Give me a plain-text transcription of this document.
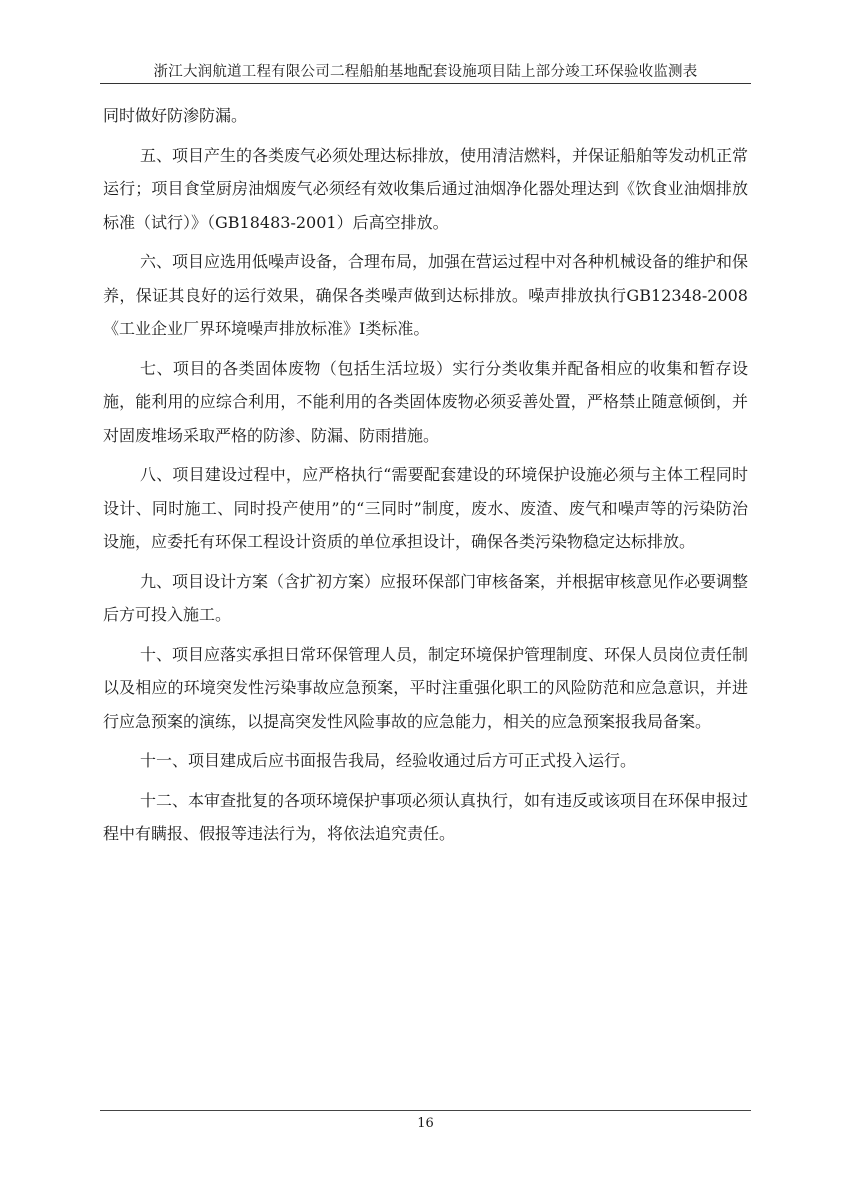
浙江大润航道工程有限公司二程船舶基地配套设施项目陆上部分竣工环保验收监测表

同时做好防渗防漏。

五、项目产生的各类废气必须处理达标排放，使用清洁燃料，并保证船舶等发动机正常运行；项目食堂厨房油烟废气必须经有效收集后通过油烟净化器处理达到《饮食业油烟排放标准（试行）》（GB18483-2001）后高空排放。

六、项目应选用低噪声设备，合理布局，加强在营运过程中对各种机械设备的维护和保养，保证其良好的运行效果，确保各类噪声做到达标排放。噪声排放执行GB12348-2008《工业企业厂界环境噪声排放标准》Ⅰ类标准。

七、项目的各类固体废物（包括生活垃圾）实行分类收集并配备相应的收集和暂存设施，能利用的应综合利用，不能利用的各类固体废物必须妥善处置，严格禁止随意倾倒，并对固废堆场采取严格的防渗、防漏、防雨措施。

八、项目建设过程中，应严格执行“需要配套建设的环境保护设施必须与主体工程同时设计、同时施工、同时投产使用”的“三同时”制度，废水、废渣、废气和噪声等的污染防治设施，应委托有环保工程设计资质的单位承担设计，确保各类污染物稳定达标排放。

九、项目设计方案（含扩初方案）应报环保部门审核备案，并根据审核意见作必要调整后方可投入施工。

十、项目应落实承担日常环保管理人员，制定环境保护管理制度、环保人员岗位责任制以及相应的环境突发性污染事故应急预案，平时注重强化职工的风险防范和应急意识，并进行应急预案的演练，以提高突发性风险事故的应急能力，相关的应急预案报我局备案。

十一、项目建成后应书面报告我局，经验收通过后方可正式投入运行。

十二、本审查批复的各项环境保护事项必须认真执行，如有违反或该项目在环保申报过程中有瞒报、假报等违法行为，将依法追究责任。

16
